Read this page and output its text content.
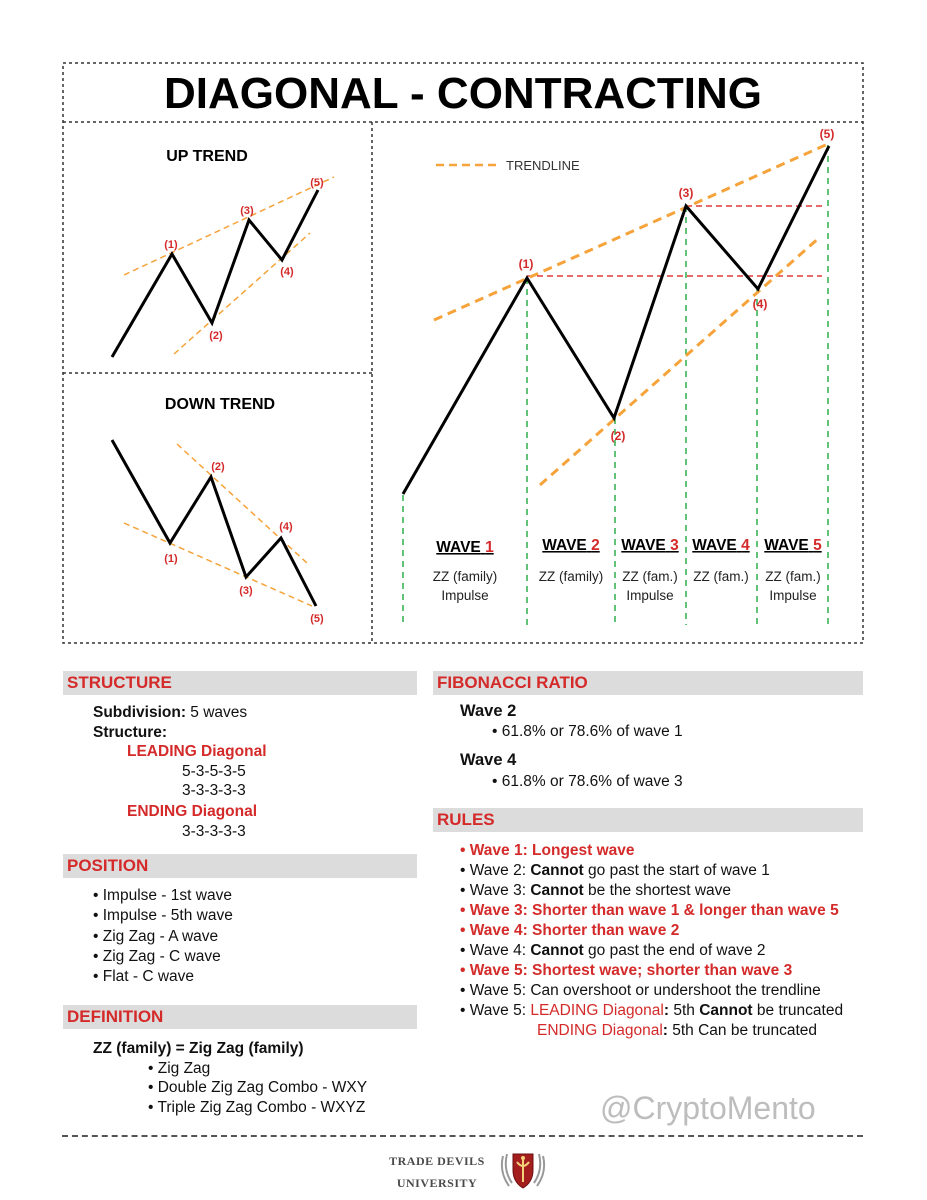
DIAGONAL - CONTRACTING
UP TREND
(1)
(2)
(3)
(4)
(5)
DOWN TREND
(1)
(2)
(3)
(4)
(5)
TRENDLINE
(1)
(2)
(3)
(4)
(5)
WAVE 1	WAVE 2 WAVE 3 WAVE 4 WAVE 5
ZZ (family)
Impulse
ZZ (family) ZZ (fam.)
Impulse
ZZ (fam.) ZZ (fam.)
Impulse
STRUCTURE
Subdivision: 5 waves
Structure:
LEADING Diagonal
5-3-5-3-5
3-3-3-3-3
ENDING Diagonal
3-3-3-3-3
POSITION
• Impulse - 1st wave
• Impulse - 5th wave
• Zig Zag - A wave
• Zig Zag - C wave
• Flat - C wave
DEFINITION
ZZ (family) = Zig Zag (family)
• Zig Zag
• Double Zig Zag Combo - WXY
• Triple Zig Zag Combo - WXYZ
FIBONACCI RATIO
Wave 2
• 61.8% or 78.6% of wave 1
Wave 4
• 61.8% or 78.6% of wave 3
RULES
• Wave 1: Longest wave
• Wave 2: Cannot go past the start of wave 1
• Wave 3: Cannot be the shortest wave
• Wave 3: Shorter than wave 1 & longer than wave 5
• Wave 4: Shorter than wave 2
• Wave 4: Cannot go past the end of wave 2
• Wave 5: Shortest wave; shorter than wave 3
• Wave 5: Can overshoot or undershoot the trendline
• Wave 5: LEADING Diagonal: 5th Cannot be truncated
ENDING Diagonal: 5th Can be truncated
@CryptoMento
TRADE DEVILS
UNIVERSITY
